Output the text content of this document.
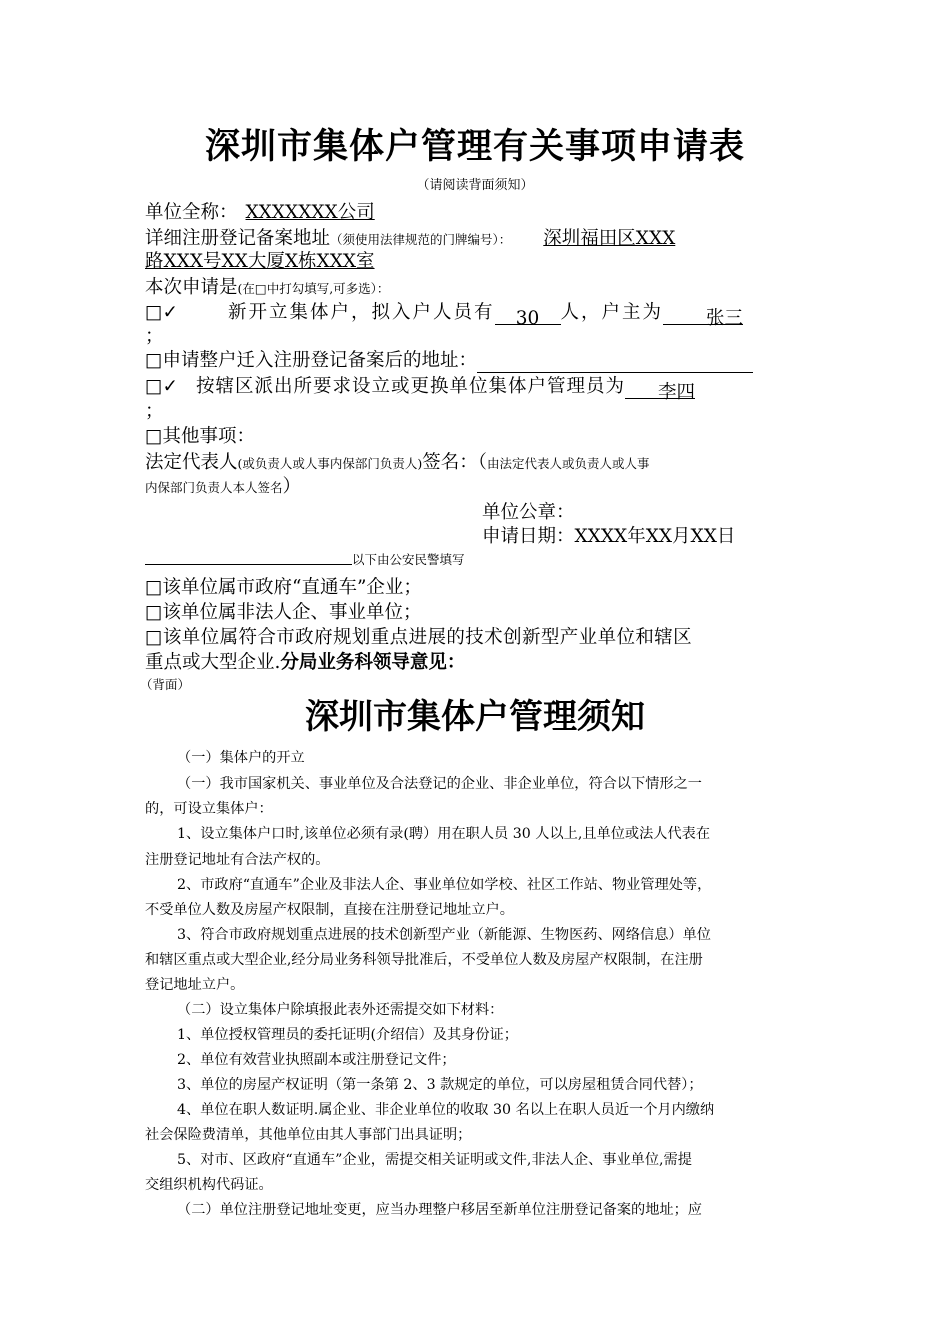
深圳市集体户管理有关事项申请表
（请阅读背面须知）
单位全称： XXXXXXX公司
详细注册登记备案地址（须使用法律规范的门牌编号）： 深圳福田区XXX
路XXX号XX大厦X栋XXX室
本次申请是(在□中打勾填写,可多选）：
□✓	新开立集体户，拟入户人员有 30 人，户主为 张三
；
□申请整户迁入注册登记备案后的地址：
□✓ 按辖区派出所要求设立或更换单位集体户管理员为 李四
；
□其他事项：
法定代表人(或负责人或人事内保部门负责人)签名：（由法定代表人或负责人或人事
内保部门负责人本人签名）
单位公章：
申请日期：XXXX年XX月XX日
以下由公安民警填写
□该单位属市政府“直通车”企业；
□该单位属非法人企、事业单位；
□该单位属符合市政府规划重点进展的技术创新型产业单位和辖区
重点或大型企业.分局业务科领导意见：
（背面）
深圳市集体户管理须知
（一）集体户的开立
（一）我市国家机关、事业单位及合法登记的企业、非企业单位，符合以下情形之一
的，可设立集体户：
1、设立集体户口时,该单位必须有录(聘）用在职人员 30 人以上,且单位或法人代表在
注册登记地址有合法产权的。
2、市政府“直通车”企业及非法人企、事业单位如学校、社区工作站、物业管理处等，
不受单位人数及房屋产权限制，直接在注册登记地址立户。
3、符合市政府规划重点进展的技术创新型产业（新能源、生物医药、网络信息）单位
和辖区重点或大型企业,经分局业务科领导批准后，不受单位人数及房屋产权限制，在注册
登记地址立户。
（二）设立集体户除填报此表外还需提交如下材料：
1、单位授权管理员的委托证明(介绍信）及其身份证；
2、单位有效营业执照副本或注册登记文件；
3、单位的房屋产权证明（第一条第 2、3 款规定的单位，可以房屋租赁合同代替）；
4、单位在职人数证明.属企业、非企业单位的收取 30 名以上在职人员近一个月内缴纳
社会保险费清单，其他单位由其人事部门出具证明；
5、对市、区政府“直通车”企业，需提交相关证明或文件,非法人企、事业单位,需提
交组织机构代码证。
（二）单位注册登记地址变更，应当办理整户移居至新单位注册登记备案的地址；应
